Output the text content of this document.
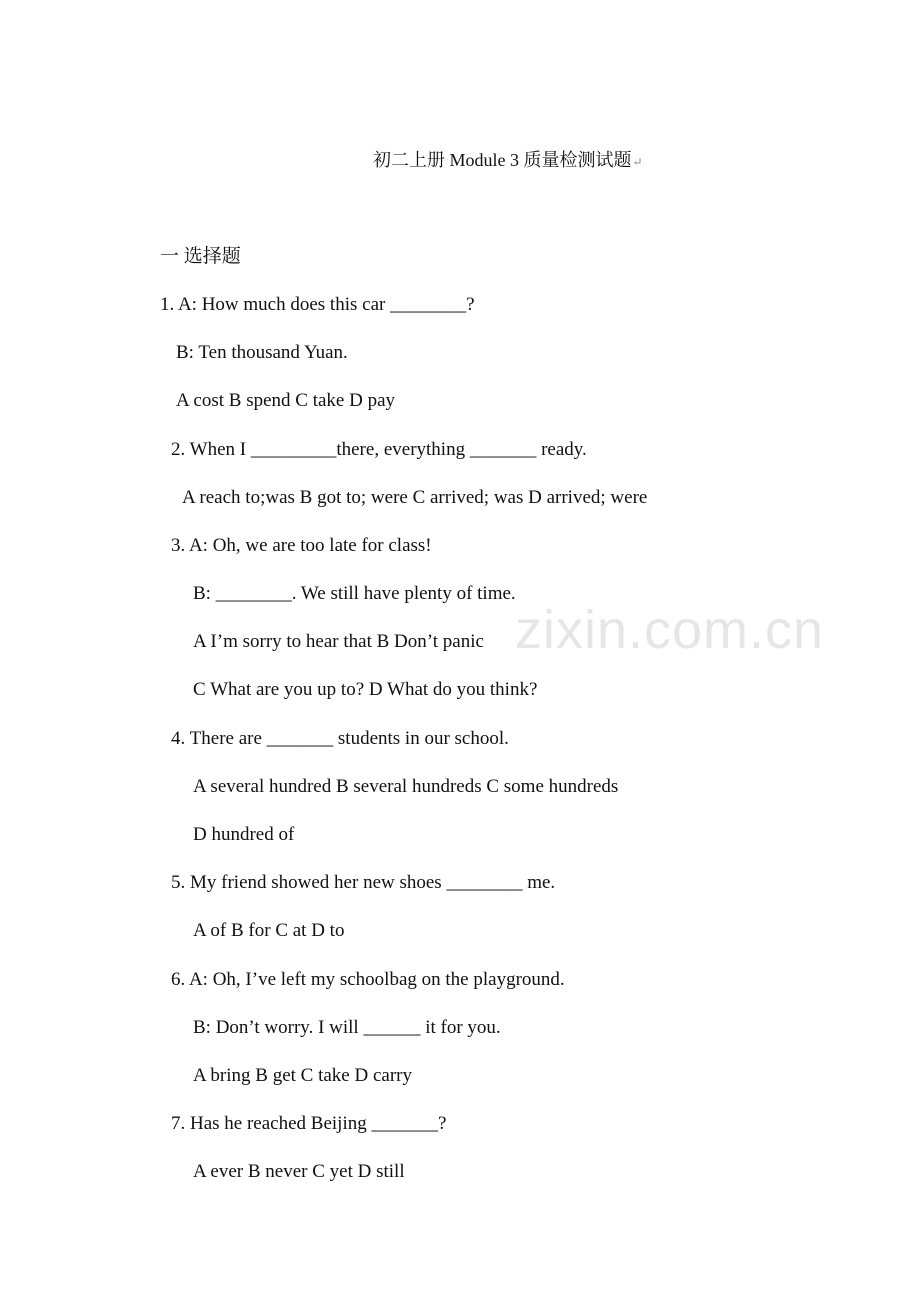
zixin.com.cn
初二上册 Module 3 质量检测试题↵
一 选择题
1. A: How much does this car ________?
B: Ten thousand Yuan.
A cost B spend C take D pay
2. When I _________there, everything _______ ready.
A reach to;was B got to; were C arrived; was D arrived; were
3. A: Oh, we are too late for class!
B: ________. We still have plenty of time.
A I’m sorry to hear that B Don’t panic
C What are you up to? D What do you think?
4. There are _______ students in our school.
A several hundred B several hundreds C some hundreds
D hundred of
5. My friend showed her new shoes ________ me.
A of B for C at D to
6. A: Oh, I’ve left my schoolbag on the playground.
B: Don’t worry. I will ______ it for you.
A bring B get C take D carry
7. Has he reached Beijing _______?
A ever B never C yet D still
